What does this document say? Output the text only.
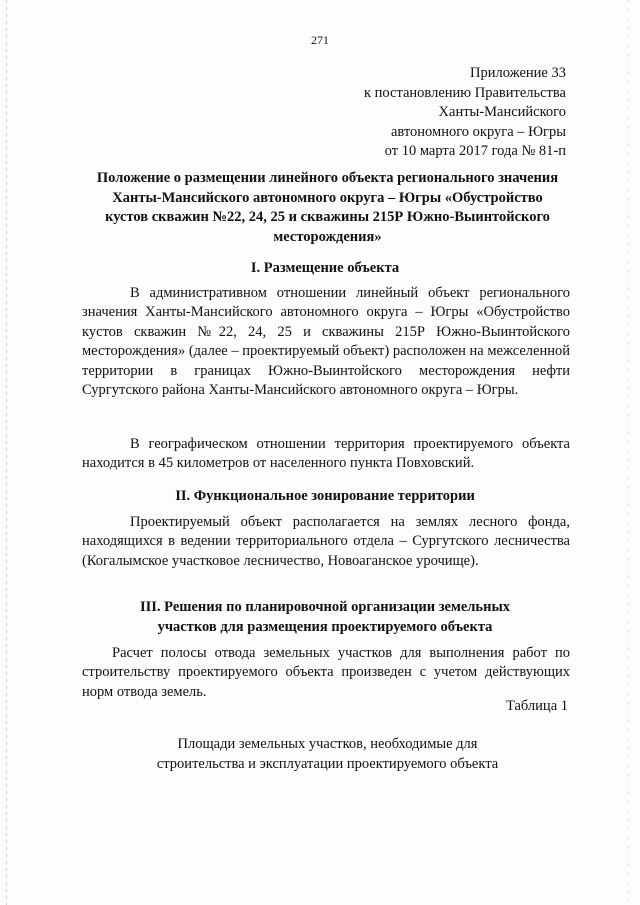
271
Приложение 33
к постановлению Правительства
Ханты-Мансийского
автономного округа – Югры
от 10 марта 2017 года № 81-п
Положение о размещении линейного объекта регионального значения
Ханты-Мансийского автономного округа – Югры «Обустройство
кустов скважин №22, 24, 25 и скважины 215Р Южно-Выинтойского
месторождения»
I. Размещение объекта

В административном отношении линейный объект регионального значения Ханты-Мансийского автономного округа – Югры «Обустройство кустов скважин №22, 24, 25 и скважины 215Р Южно-Выинтойского месторождения» (далее – проектируемый объект) расположен на межселенной территории в границах Южно-Выинтойского месторождения нефти Сургутского района Ханты-Мансийского автономного округа – Югры.

В географическом отношении территория проектируемого объекта находится в 45 километров от населенного пункта Повховский.

II. Функциональное зонирование территории

Проектируемый объект располагается на землях лесного фонда, находящихся в ведении территориального отдела – Сургутского лесничества (Когалымское участковое лесничество, Новоаганское урочище).

III. Решения по планировочной организации земельных
участков для размещения проектируемого объекта

Расчет полосы отвода земельных участков для выполнения работ по строительству проектируемого объекта произведен с учетом действующих норм отвода земель.

Таблица 1
Площади земельных участков, необходимые для
строительства и эксплуатации проектируемого объекта
